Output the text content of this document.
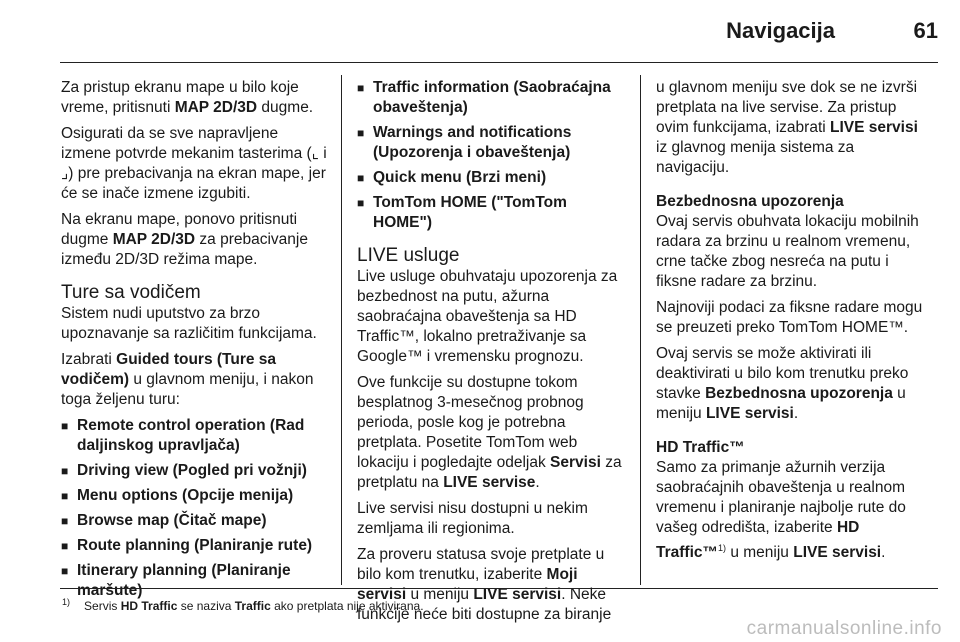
Navigacija	61

Za pristup ekranu mape u bilo koje vreme, pritisnuti MAP 2D/3D dugme.

Osigurati da se sve napravljene izmene potvrde mekanim tasterima (⌞ i ⌟) pre prebacivanja na ekran mape, jer će se inače izmene izgubiti.

Na ekranu mape, ponovo pritisnuti dugme MAP 2D/3D za prebacivanje između 2D/3D režima mape.

Ture sa vodičem

Sistem nudi uputstvo za brzo upoznavanje sa različitim funkcijama.

Izabrati Guided tours (Ture sa vodičem) u glavnom meniju, i nakon toga željenu turu:

■ Remote control operation (Rad daljinskog upravljača)
■ Driving view (Pogled pri vožnji)
■ Menu options (Opcije menija)
■ Browse map (Čitač mape)
■ Route planning (Planiranje rute)
■ Itinerary planning (Planiranje maršute)
■ Traffic information (Saobraćajna obaveštenja)
■ Warnings and notifications (Upozorenja i obaveštenja)
■ Quick menu (Brzi meni)
■ TomTom HOME ("TomTom HOME")
LIVE usluge

Live usluge obuhvataju upozorenja za bezbednost na putu, ažurna saobraćajna obaveštenja sa HD Traffic™, lokalno pretraživanje sa Google™ i vremensku prognozu.

Ove funkcije su dostupne tokom besplatnog 3-mesečnog probnog perioda, posle kog je potrebna pretplata. Posetite TomTom web lokaciju i pogledajte odeljak Servisi za pretplatu na LIVE servise.

Live servisi nisu dostupni u nekim zemljama ili regionima.

Za proveru statusa svoje pretplate u bilo kom trenutku, izaberite Moji servisi u meniju LIVE servisi. Neke funkcije neće biti dostupne za biranje

u glavnom meniju sve dok se ne izvrši pretplata na live servise. Za pristup ovim funkcijama, izabrati LIVE servisi iz glavnog menija sistema za navigaciju.

Bezbednosna upozorenja

Ovaj servis obuhvata lokaciju mobilnih radara za brzinu u realnom vremenu, crne tačke zbog nesreća na putu i fiksne radare za brzinu.

Najnoviji podaci za fiksne radare mogu se preuzeti preko TomTom HOME™.

Ovaj servis se može aktivirati ili deaktivirati u bilo kom trenutku preko stavke Bezbednosna upozorenja u meniju LIVE servisi.

HD Traffic™

Samo za primanje ažurnih verzija saobraćajnih obaveštenja u realnom vremenu i planiranje najbolje rute do vašeg odredišta, izaberite HD Traffic™$^{1)}$ u meniju LIVE servisi.

$^{1)}$ Servis HD Traffic se naziva Traffic ako pretplata nije aktivirana.
carmanualsonline.info
